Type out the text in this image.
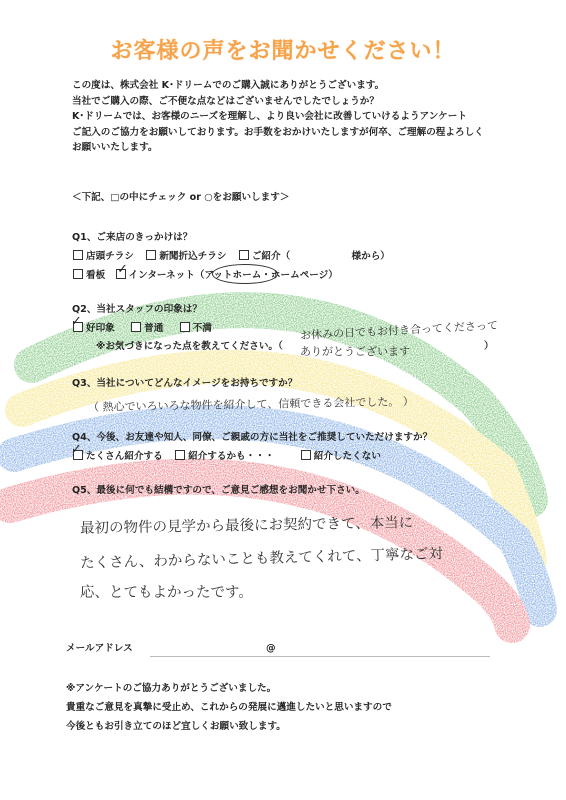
お客様の声をお聞かせください！
この度は、株式会社 K･ドリームでのご購入誠にありがとうございます。
当社でご購入の際、ご不便な点などはございませんでしたでしょうか？
K･ドリームでは、お客様のニーズを理解し、より良い会社に改善していけるようアンケート
ご記入のご協力をお願いしております。お手数をおかけいたしますが何卒、ご理解の程よろしく
お願いいたします。
＜下記、□の中にチェック or ○をお願いします＞
Q1、ご来店のきっかけは？
店頭チラシ	新聞折込チラシ	ご紹介（	様から）
看板 インターネット（アットホーム・ホームページ）
✓
Q2、当社スタッフの印象は？
好印象	普通	不満
✓
※お気づきになった点を教えてください。（	）
お休みの日でもお付き合ってくださって
ありがとうございます
Q3、当社についてどんなイメージをお持ちですか？
（ 熱心でいろいろな物件を紹介して、信頼できる会社でした。 ）
Q4、今後、お友達や知人、同僚、ご親戚の方に当社をご推奨していただけますか？
たくさん紹介する	紹介するかも・・・	紹介したくない
✓
Q5、最後に何でも結構ですので、ご意見ご感想をお聞かせ下さい。
最初の物件の見学から最後にお契約できて、本当に
たくさん、わからないことも教えてくれて、丁寧なご対
応、とてもよかったです。
メールアドレス	@
※アンケートのご協力ありがとうございました。
貴重なご意見を真摯に受止め、これからの発展に邁進したいと思いますので
今後ともお引き立てのほど宜しくお願い致します。
